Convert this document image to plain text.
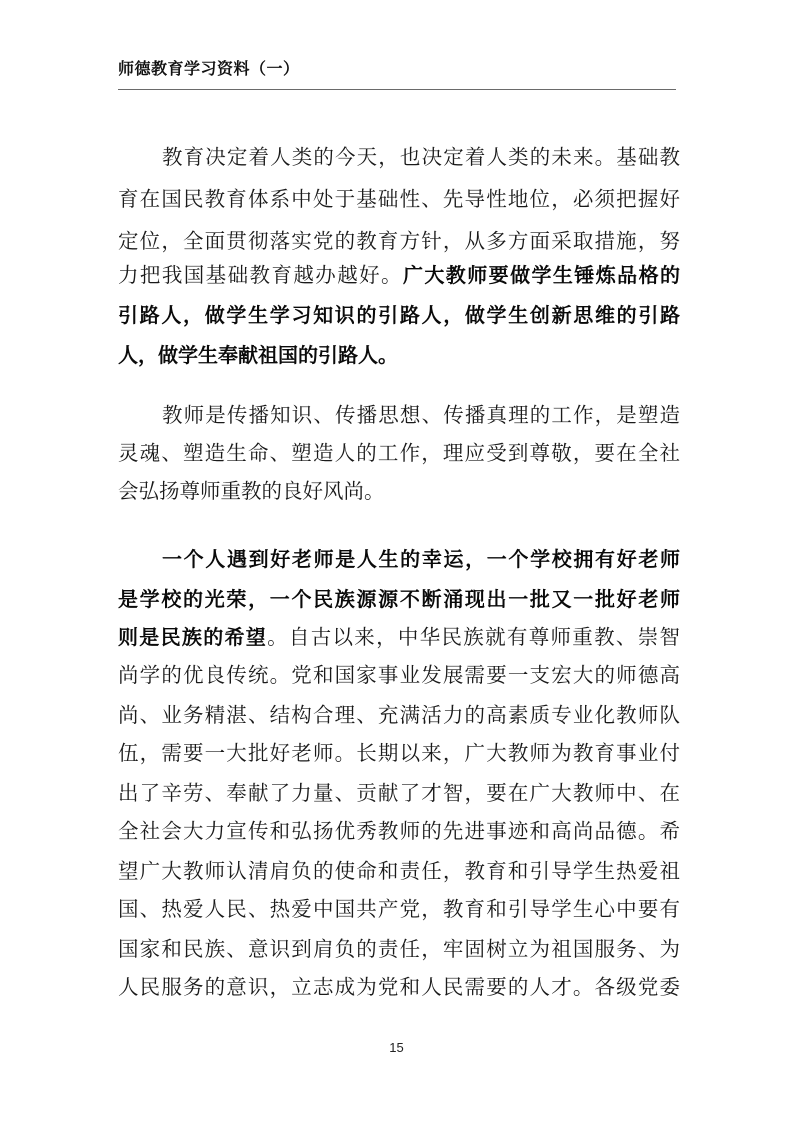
师德教育学习资料（一）
教育决定着人类的今天，也决定着人类的未来。基础教
育在国民教育体系中处于基础性、先导性地位，必须把握好
定位，全面贯彻落实党的教育方针，从多方面采取措施，努
力把我国基础教育越办越好。广大教师要做学生锤炼品格的
引路人，做学生学习知识的引路人，做学生创新思维的引路
人，做学生奉献祖国的引路人。
教师是传播知识、传播思想、传播真理的工作，是塑造
灵魂、塑造生命、塑造人的工作，理应受到尊敬，要在全社
会弘扬尊师重教的良好风尚。
一个人遇到好老师是人生的幸运，一个学校拥有好老师
是学校的光荣，一个民族源源不断涌现出一批又一批好老师
则是民族的希望。自古以来，中华民族就有尊师重教、崇智
尚学的优良传统。党和国家事业发展需要一支宏大的师德高
尚、业务精湛、结构合理、充满活力的高素质专业化教师队
伍，需要一大批好老师。长期以来，广大教师为教育事业付
出了辛劳、奉献了力量、贡献了才智，要在广大教师中、在
全社会大力宣传和弘扬优秀教师的先进事迹和高尚品德。希
望广大教师认清肩负的使命和责任，教育和引导学生热爱祖
国、热爱人民、热爱中国共产党，教育和引导学生心中要有
国家和民族、意识到肩负的责任，牢固树立为祖国服务、为
人民服务的意识，立志成为党和人民需要的人才。各级党委
15
